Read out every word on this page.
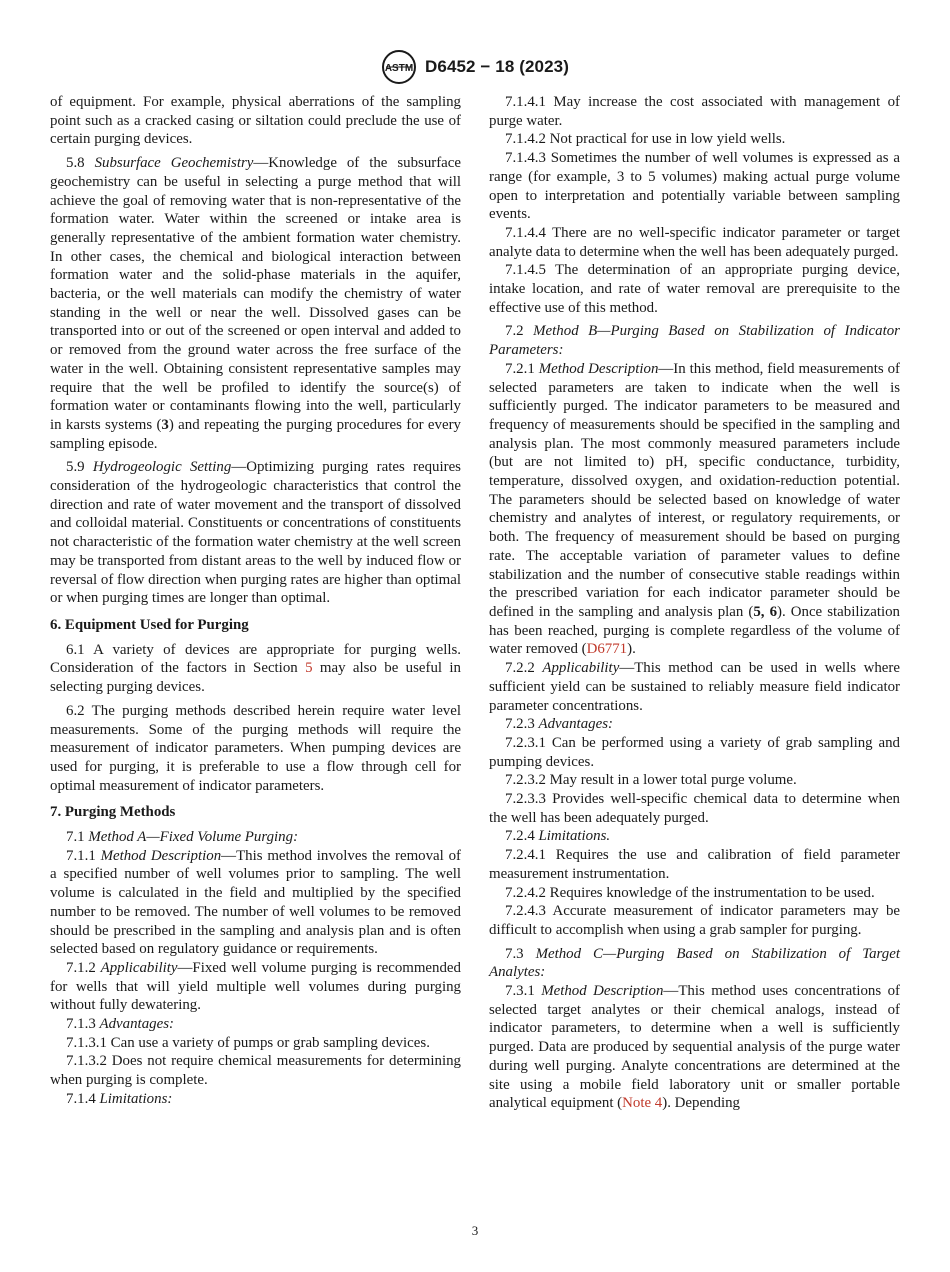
ASTM D6452 − 18 (2023)

of equipment. For example, physical aberrations of the sampling point such as a cracked casing or siltation could preclude the use of certain purging devices.

5.8 Subsurface Geochemistry—Knowledge of the subsurface geochemistry can be useful in selecting a purge method that will achieve the goal of removing water that is non-representative of the formation water. Water within the screened or intake area is generally representative of the ambient formation water chemistry. In other cases, the chemical and biological interaction between formation water and the solid-phase materials in the aquifer, bacteria, or the well materials can modify the chemistry of water standing in the well or near the well. Dissolved gases can be transported into or out of the screened or open interval and added to or removed from the ground water across the free surface of the water in the well. Obtaining consistent representative samples may require that the well be profiled to identify the source(s) of formation water or contaminants flowing into the well, particularly in karsts systems (3) and repeating the purging procedures for every sampling episode.

5.9 Hydrogeologic Setting—Optimizing purging rates requires consideration of the hydrogeologic characteristics that control the direction and rate of water movement and the transport of dissolved and colloidal material. Constituents or concentrations of constituents not characteristic of the formation water chemistry at the well screen may be transported from distant areas to the well by induced flow or reversal of flow direction when purging rates are higher than optimal or when purging times are longer than optimal.

6. Equipment Used for Purging

6.1 A variety of devices are appropriate for purging wells. Consideration of the factors in Section 5 may also be useful in selecting purging devices.

6.2 The purging methods described herein require water level measurements. Some of the purging methods will require the measurement of indicator parameters. When pumping devices are used for purging, it is preferable to use a flow through cell for optimal measurement of indicator parameters.

7. Purging Methods

7.1 Method A—Fixed Volume Purging:

7.1.1 Method Description—This method involves the removal of a specified number of well volumes prior to sampling. The well volume is calculated in the field and multiplied by the specified number to be removed. The number of well volumes to be removed should be prescribed in the sampling and analysis plan and is often selected based on regulatory guidance or requirements.

7.1.2 Applicability—Fixed well volume purging is recommended for wells that will yield multiple well volumes during purging without fully dewatering.

7.1.3 Advantages:

7.1.3.1 Can use a variety of pumps or grab sampling devices.

7.1.3.2 Does not require chemical measurements for determining when purging is complete.

7.1.4 Limitations:

7.1.4.1 May increase the cost associated with management of purge water.

7.1.4.2 Not practical for use in low yield wells.

7.1.4.3 Sometimes the number of well volumes is expressed as a range (for example, 3 to 5 volumes) making actual purge volume open to interpretation and potentially variable between sampling events.

7.1.4.4 There are no well-specific indicator parameter or target analyte data to determine when the well has been adequately purged.

7.1.4.5 The determination of an appropriate purging device, intake location, and rate of water removal are prerequisite to the effective use of this method.

7.2 Method B—Purging Based on Stabilization of Indicator Parameters:

7.2.1 Method Description—In this method, field measurements of selected parameters are taken to indicate when the well is sufficiently purged. The indicator parameters to be measured and frequency of measurements should be specified in the sampling and analysis plan. The most commonly measured parameters include (but are not limited to) pH, specific conductance, turbidity, temperature, dissolved oxygen, and oxidation-reduction potential. The parameters should be selected based on knowledge of water chemistry and analytes of interest, or regulatory requirements, or both. The frequency of measurement should be based on purging rate. The acceptable variation of parameter values to define stabilization and the number of consecutive stable readings within the prescribed variation for each indicator parameter should be defined in the sampling and analysis plan (5, 6). Once stabilization has been reached, purging is complete regardless of the volume of water removed (D6771).

7.2.2 Applicability—This method can be used in wells where sufficient yield can be sustained to reliably measure field indicator parameter concentrations.

7.2.3 Advantages:

7.2.3.1 Can be performed using a variety of grab sampling and pumping devices.

7.2.3.2 May result in a lower total purge volume.

7.2.3.3 Provides well-specific chemical data to determine when the well has been adequately purged.

7.2.4 Limitations.

7.2.4.1 Requires the use and calibration of field parameter measurement instrumentation.

7.2.4.2 Requires knowledge of the instrumentation to be used.

7.2.4.3 Accurate measurement of indicator parameters may be difficult to accomplish when using a grab sampler for purging.

7.3 Method C—Purging Based on Stabilization of Target Analytes:

7.3.1 Method Description—This method uses concentrations of selected target analytes or their chemical analogs, instead of indicator parameters, to determine when a well is sufficiently purged. Data are produced by sequential analysis of the purge water during well purging. Analyte concentrations are determined at the site using a mobile field laboratory unit or smaller portable analytical equipment (Note 4). Depending

3
